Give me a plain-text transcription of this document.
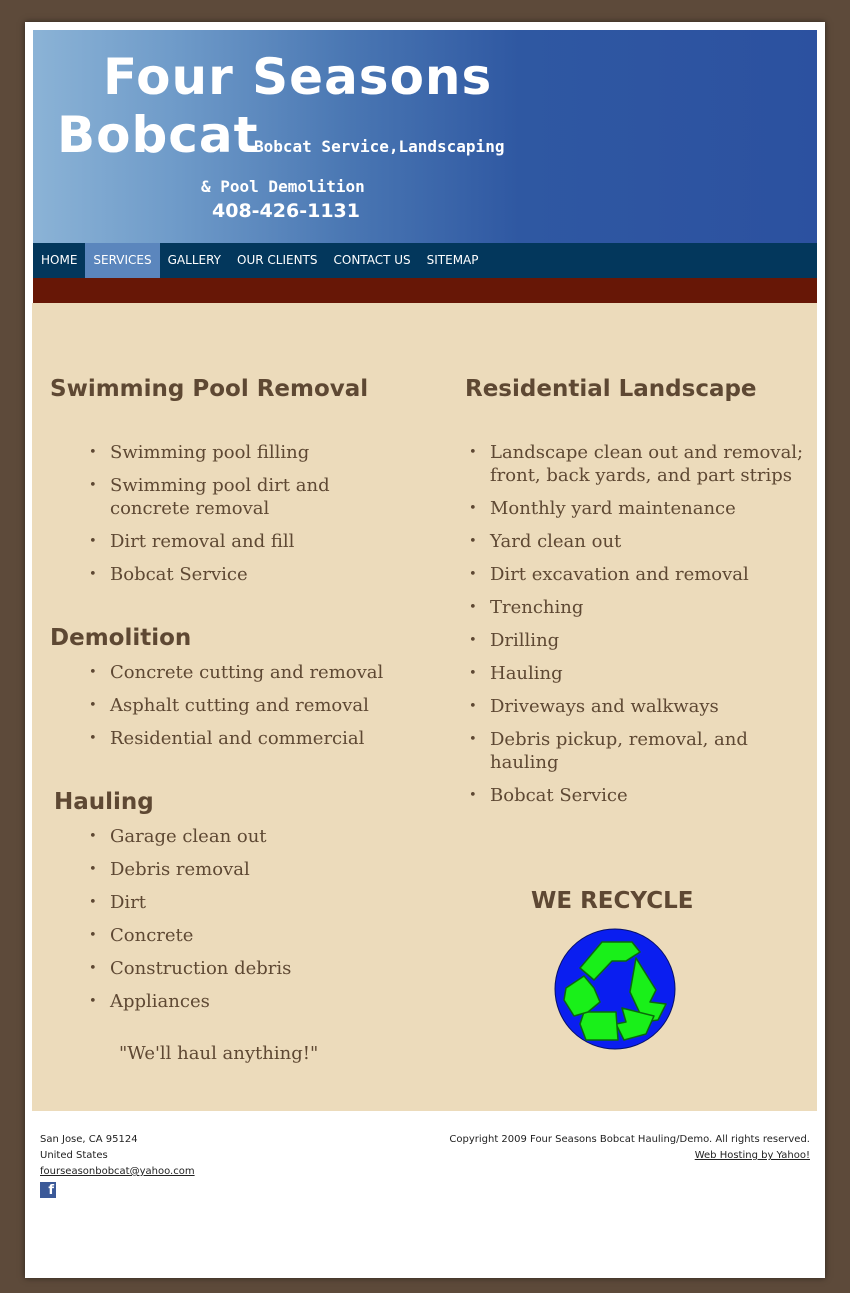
Four Seasons
Bobcat
Bobcat Service,Landscaping
& Pool Demolition
408-426-1131
HOME	SERVICES	GALLERY	OUR CLIENTS	CONTACT US	SITEMAP
Swimming Pool Removal
• Swimming pool filling
• Swimming pool dirt and concrete removal
• Dirt removal and fill
• Bobcat Service
Demolition
• Concrete cutting and removal
• Asphalt cutting and removal
• Residential and commercial
Hauling
• Garage clean out
• Debris removal
• Dirt
• Concrete
• Construction debris
• Appliances
"We'll haul anything!"
Residential Landscape
• Landscape clean out and removal; front, back yards, and part strips
• Monthly yard maintenance
• Yard clean out
• Dirt excavation and removal
• Trenching
• Drilling
• Hauling
• Driveways and walkways
• Debris pickup, removal, and hauling
• Bobcat Service
WE RECYCLE
San Jose, CA 95124
United States
fourseasonbobcat@yahoo.com
f
Copyright 2009 Four Seasons Bobcat Hauling/Demo. All rights reserved.
Web Hosting by Yahoo!
